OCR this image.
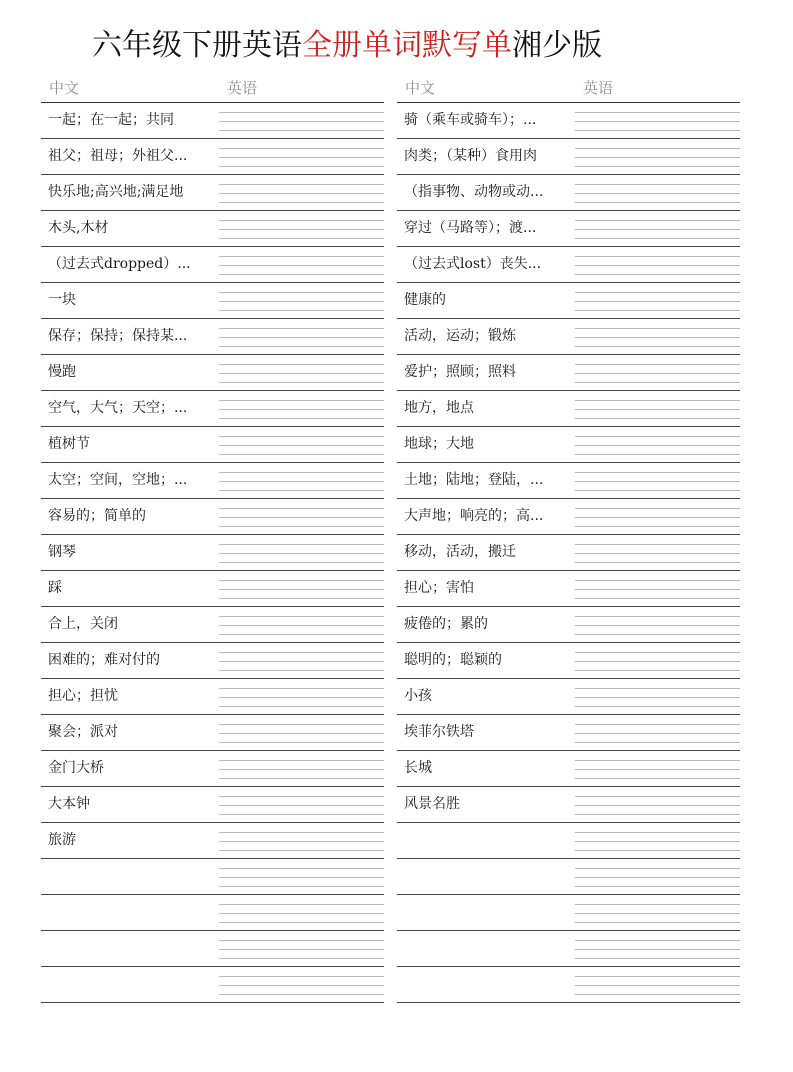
六年级下册英语全册单词默写单湘少版
中文	英语
一起；在一起；共同
祖父；祖母；外祖父...
快乐地;高兴地;满足地
木头,木材
（过去式dropped）...
一块
保存；保持；保持某...
慢跑
空气，大气；天空；...
植树节
太空；空间，空地；...
容易的；简单的
钢琴
踩
合上，关闭
困难的；难对付的
担心；担忧
聚会；派对
金门大桥
大本钟
旅游
中文	英语
骑（乘车或骑车）；...
肉类；（某种）食用肉
（指事物、动物或动...
穿过（马路等）；渡...
（过去式lost）丧失...
健康的
活动，运动；锻炼
爱护；照顾；照料
地方，地点
地球；大地
土地；陆地；登陆，...
大声地；响亮的；高...
移动，活动，搬迁
担心；害怕
疲倦的；累的
聪明的；聪颖的
小孩
埃菲尔铁塔
长城
风景名胜
